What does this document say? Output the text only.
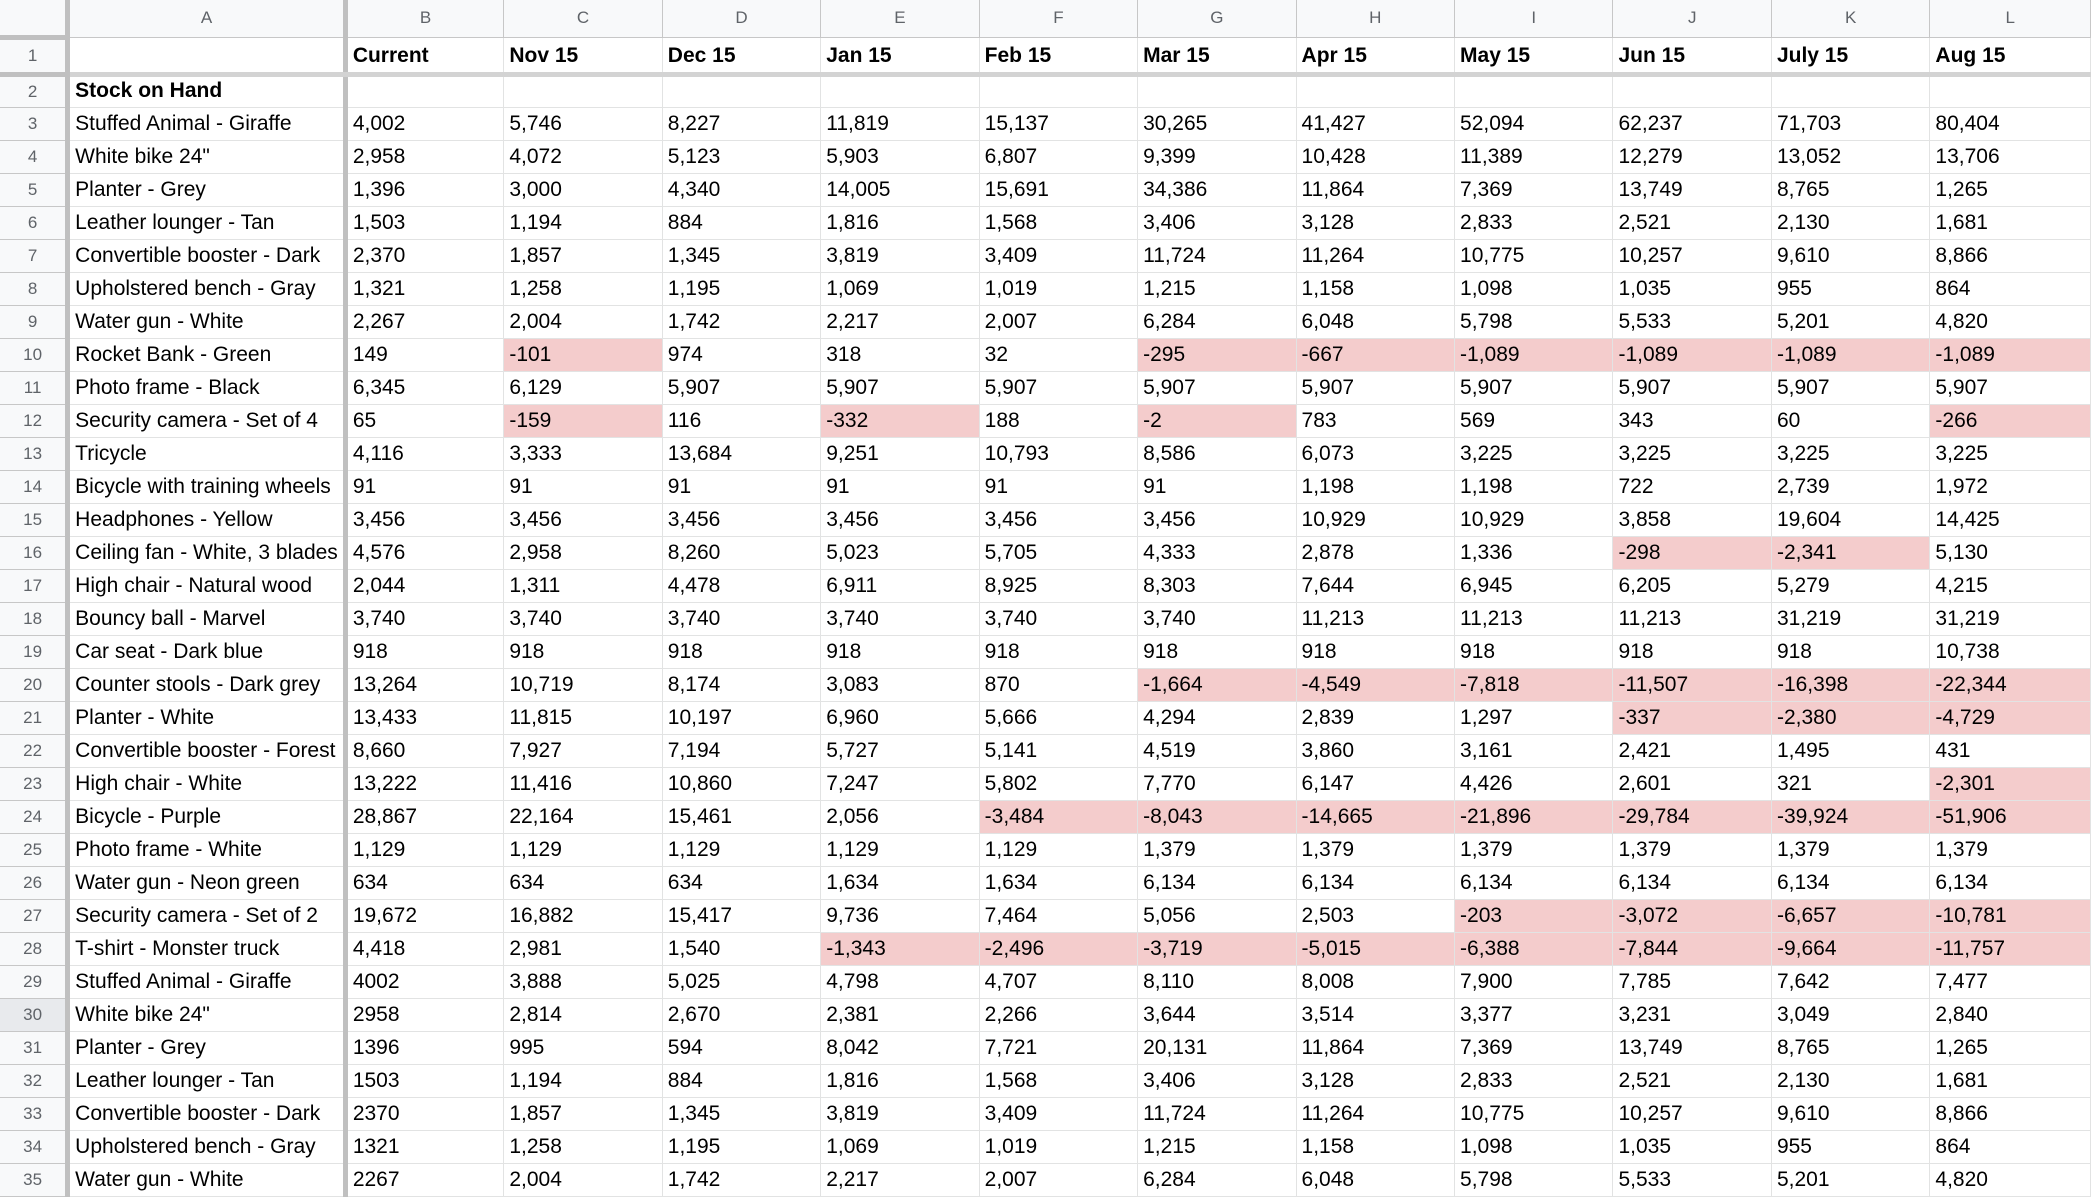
	A	B	C	D	E	F	G	H	I	J	K	L
1		Current	Nov 15	Dec 15	Jan 15	Feb 15	Mar 15	Apr 15	May 15	Jun 15	July 15	Aug 15
2	Stock on Hand											
3	Stuffed Animal - Giraffe	4,002	5,746	8,227	11,819	15,137	30,265	41,427	52,094	62,237	71,703	80,404
4	White bike 24"	2,958	4,072	5,123	5,903	6,807	9,399	10,428	11,389	12,279	13,052	13,706
5	Planter - Grey	1,396	3,000	4,340	14,005	15,691	34,386	11,864	7,369	13,749	8,765	1,265
6	Leather lounger - Tan	1,503	1,194	884	1,816	1,568	3,406	3,128	2,833	2,521	2,130	1,681
7	Convertible booster - Dark	2,370	1,857	1,345	3,819	3,409	11,724	11,264	10,775	10,257	9,610	8,866
8	Upholstered bench - Gray	1,321	1,258	1,195	1,069	1,019	1,215	1,158	1,098	1,035	955	864
9	Water gun - White	2,267	2,004	1,742	2,217	2,007	6,284	6,048	5,798	5,533	5,201	4,820
10	Rocket Bank - Green	149	-101	974	318	32	-295	-667	-1,089	-1,089	-1,089	-1,089
11	Photo frame - Black	6,345	6,129	5,907	5,907	5,907	5,907	5,907	5,907	5,907	5,907	5,907
12	Security camera - Set of 4	65	-159	116	-332	188	-2	783	569	343	60	-266
13	Tricycle	4,116	3,333	13,684	9,251	10,793	8,586	6,073	3,225	3,225	3,225	3,225
14	Bicycle with training wheels	91	91	91	91	91	91	1,198	1,198	722	2,739	1,972
15	Headphones - Yellow	3,456	3,456	3,456	3,456	3,456	3,456	10,929	10,929	3,858	19,604	14,425
16	Ceiling fan - White, 3 blades	4,576	2,958	8,260	5,023	5,705	4,333	2,878	1,336	-298	-2,341	5,130
17	High chair - Natural wood	2,044	1,311	4,478	6,911	8,925	8,303	7,644	6,945	6,205	5,279	4,215
18	Bouncy ball - Marvel	3,740	3,740	3,740	3,740	3,740	3,740	11,213	11,213	11,213	31,219	31,219
19	Car seat - Dark blue	918	918	918	918	918	918	918	918	918	918	10,738
20	Counter stools - Dark grey	13,264	10,719	8,174	3,083	870	-1,664	-4,549	-7,818	-11,507	-16,398	-22,344
21	Planter - White	13,433	11,815	10,197	6,960	5,666	4,294	2,839	1,297	-337	-2,380	-4,729
22	Convertible booster - Forest	8,660	7,927	7,194	5,727	5,141	4,519	3,860	3,161	2,421	1,495	431
23	High chair - White	13,222	11,416	10,860	7,247	5,802	7,770	6,147	4,426	2,601	321	-2,301
24	Bicycle - Purple	28,867	22,164	15,461	2,056	-3,484	-8,043	-14,665	-21,896	-29,784	-39,924	-51,906
25	Photo frame - White	1,129	1,129	1,129	1,129	1,129	1,379	1,379	1,379	1,379	1,379	1,379
26	Water gun - Neon green	634	634	634	1,634	1,634	6,134	6,134	6,134	6,134	6,134	6,134
27	Security camera - Set of 2	19,672	16,882	15,417	9,736	7,464	5,056	2,503	-203	-3,072	-6,657	-10,781
28	T-shirt - Monster truck	4,418	2,981	1,540	-1,343	-2,496	-3,719	-5,015	-6,388	-7,844	-9,664	-11,757
29	Stuffed Animal - Giraffe	4002	3,888	5,025	4,798	4,707	8,110	8,008	7,900	7,785	7,642	7,477
30	White bike 24"	2958	2,814	2,670	2,381	2,266	3,644	3,514	3,377	3,231	3,049	2,840
31	Planter - Grey	1396	995	594	8,042	7,721	20,131	11,864	7,369	13,749	8,765	1,265
32	Leather lounger - Tan	1503	1,194	884	1,816	1,568	3,406	3,128	2,833	2,521	2,130	1,681
33	Convertible booster - Dark	2370	1,857	1,345	3,819	3,409	11,724	11,264	10,775	10,257	9,610	8,866
34	Upholstered bench - Gray	1321	1,258	1,195	1,069	1,019	1,215	1,158	1,098	1,035	955	864
35	Water gun - White	2267	2,004	1,742	2,217	2,007	6,284	6,048	5,798	5,533	5,201	4,820
